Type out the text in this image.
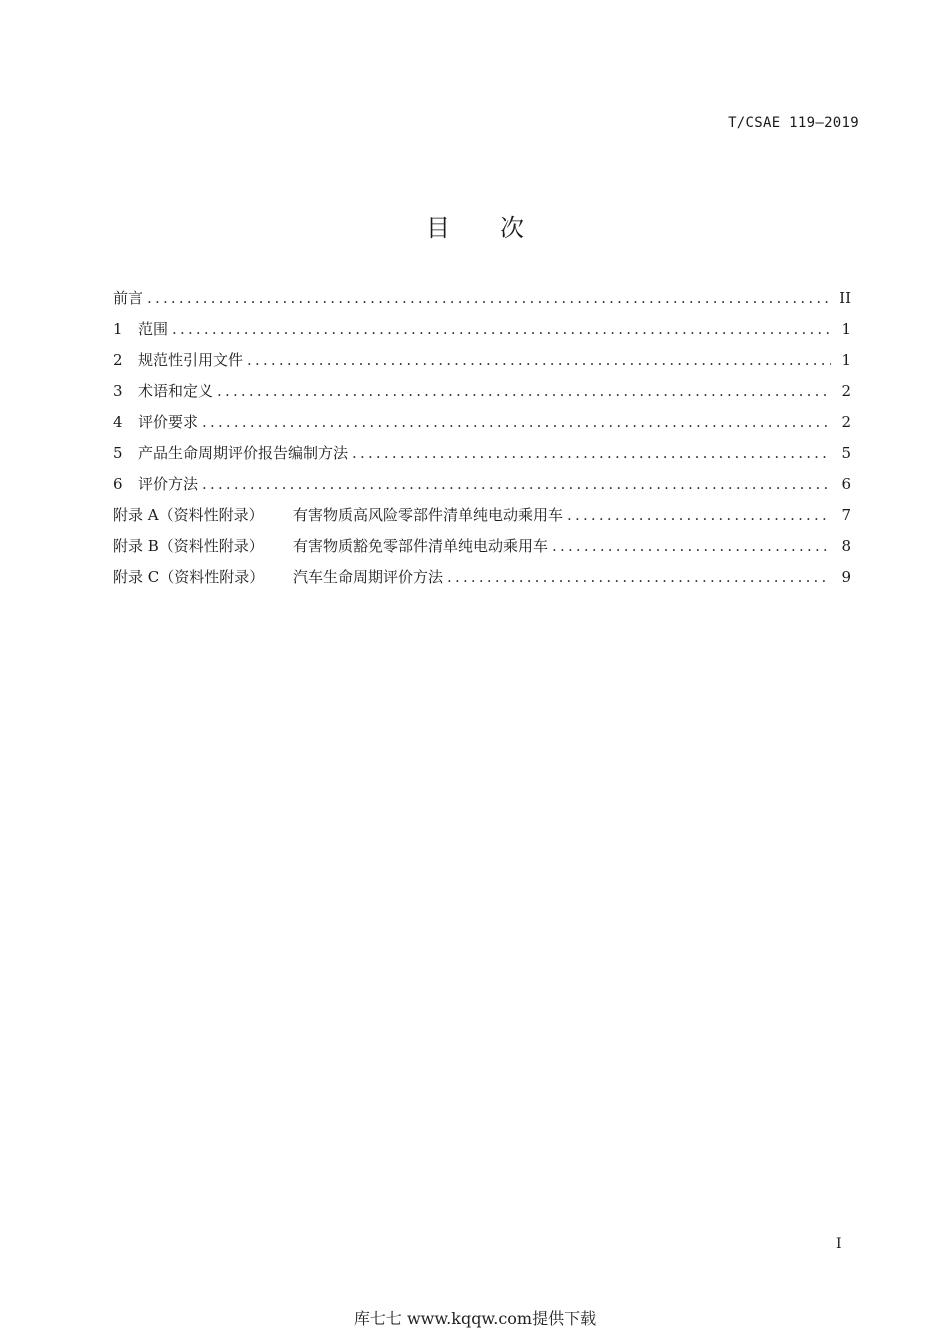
T/CSAE 119—2019
目次
前言 .....	II
1	范围 .....	1
2	规范性引用文件 .....	1
3	术语和定义 .....	2
4	评价要求 .....	2
5	产品生命周期评价报告编制方法 .....	5
6	评价方法 .....	6
附录 A（资料性附录）	有害物质高风险零部件清单纯电动乘用车 .....	7
附录 B（资料性附录）	有害物质豁免零部件清单纯电动乘用车 .....	8
附录 C（资料性附录）	汽车生命周期评价方法 .....	9
I
库七七 www.kqqw.com提供下载
